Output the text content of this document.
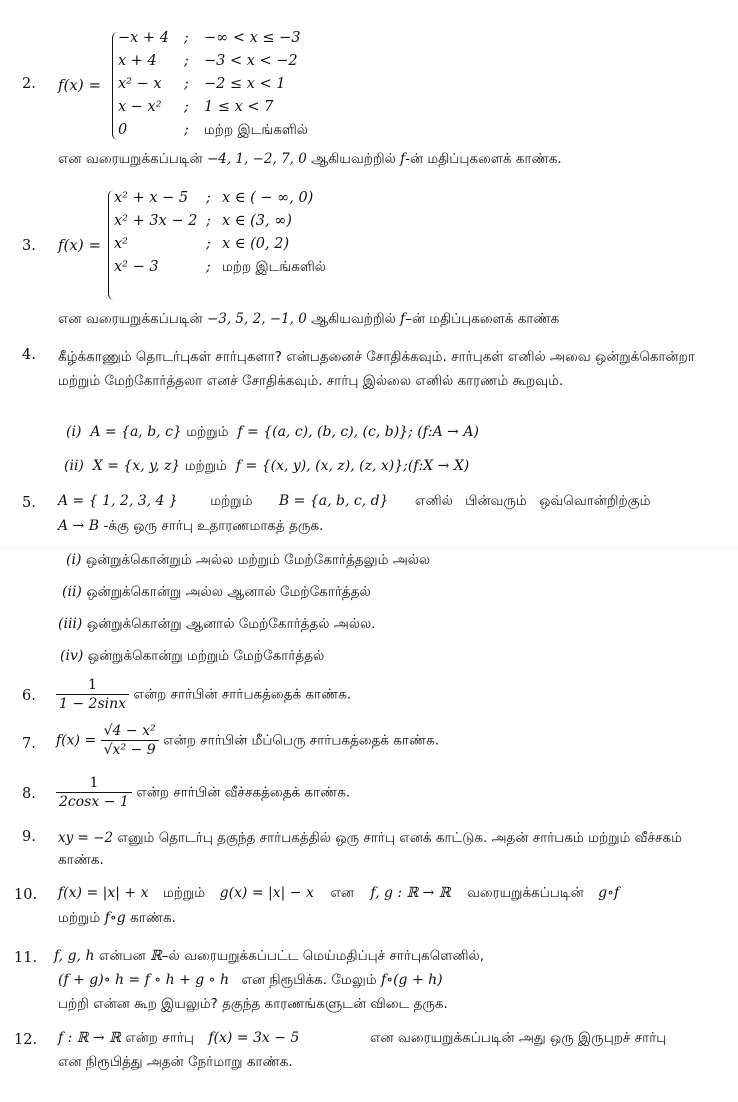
2. f(x) =
−x + 4 ; −∞ < x ≤ −3
x + 4 ; −3 < x < −2
x² − x ; −2 ≤ x < 1
x − x² ; 1 ≤ x < 7
0	; மற்ற இடங்களில்
என வரையறுக்கப்படின் −4, 1, −2, 7, 0 ஆகியவற்றில் f-ன் மதிப்புகளைக் காண்க.
3. f(x) =
x² + x − 5 ; x ∈ ( − ∞, 0)
x² + 3x − 2 ; x ∈ (3, ∞)
x²	; x ∈ (0, 2)
x² − 3	; மற்ற இடங்களில்
என வரையறுக்கப்படின் −3, 5, 2, −1, 0 ஆகியவற்றில் f–ன் மதிப்புகளைக் காண்க
4. கீழ்க்காணும் தொடர்புகள் சார்புகளா? என்பதனைச் சோதிக்கவும். சார்புகள் எனில் அவை ஒன்றுக்கொன்றா மற்றும் மேற்கோர்த்தலா எனச் சோதிக்கவும். சார்பு இல்லை எனில் காரணம் கூறவும்.
(i) A = {a, b, c} மற்றும் f = {(a, c), (b, c), (c, b)}; (f:A → A)
(ii) X = {x, y, z} மற்றும் f = {(x, y), (x, z), (z, x)};(f:X → X)
5. A = { 1, 2, 3, 4 } மற்றும் B = {a, b, c, d} எனில் பின்வரும் ஒவ்வொன்றிற்கும்
A → B -க்கு ஒரு சார்பு உதாரணமாகத் தருக.
(i) ஒன்றுக்கொன்றும் அல்ல மற்றும் மேற்கோர்த்தலும் அல்ல
(ii) ஒன்றுக்கொன்று அல்ல ஆனால் மேற்கோர்த்தல்
(iii) ஒன்றுக்கொன்று ஆனால் மேற்கோர்த்தல் அல்ல.
(iv) ஒன்றுக்கொன்று மற்றும் மேற்கோர்த்தல்
6. $\frac{1}{1 - 2\sin x}$ என்ற சார்பின் சார்பகத்தைக் காண்க.
7. $f(x) = \frac{\text{√4 − x²}}{\text{√x² − 9}}$ என்ற சார்பின் மீப்பெரு சார்பகத்தைக் காண்க.
8. $\frac{1}{2\cos x - 1}$ என்ற சார்பின் வீச்சகத்தைக் காண்க.
9. xy = −2 எனும் தொடர்பு தகுந்த சார்பகத்தில் ஒரு சார்பு எனக் காட்டுக. அதன் சார்பகம் மற்றும் வீச்சகம் காண்க.
10. f(x) = |x| + x மற்றும் g(x) = |x| − x என f, g : ℝ → ℝ வரையறுக்கப்படின் g∘f
மற்றும் f∘g காண்க.
11. f, g, h என்பன ℝ–ல் வரையறுக்கப்பட்ட மெய்மதிப்புச் சார்புகளெனில்,
(f + g)∘ h = f ∘ h + g ∘ h என நிரூபிக்க. மேலும் f∘(g + h)
பற்றி என்ன கூற இயலும்? தகுந்த காரணங்களுடன் விடை தருக.
12. f : ℝ → ℝ என்ற சார்பு f(x) = 3x − 5
என நிரூபித்து அதன் நேர்மாறு காண்க.
என வரையறுக்கப்படின் அது ஒரு இருபுறச் சார்பு
